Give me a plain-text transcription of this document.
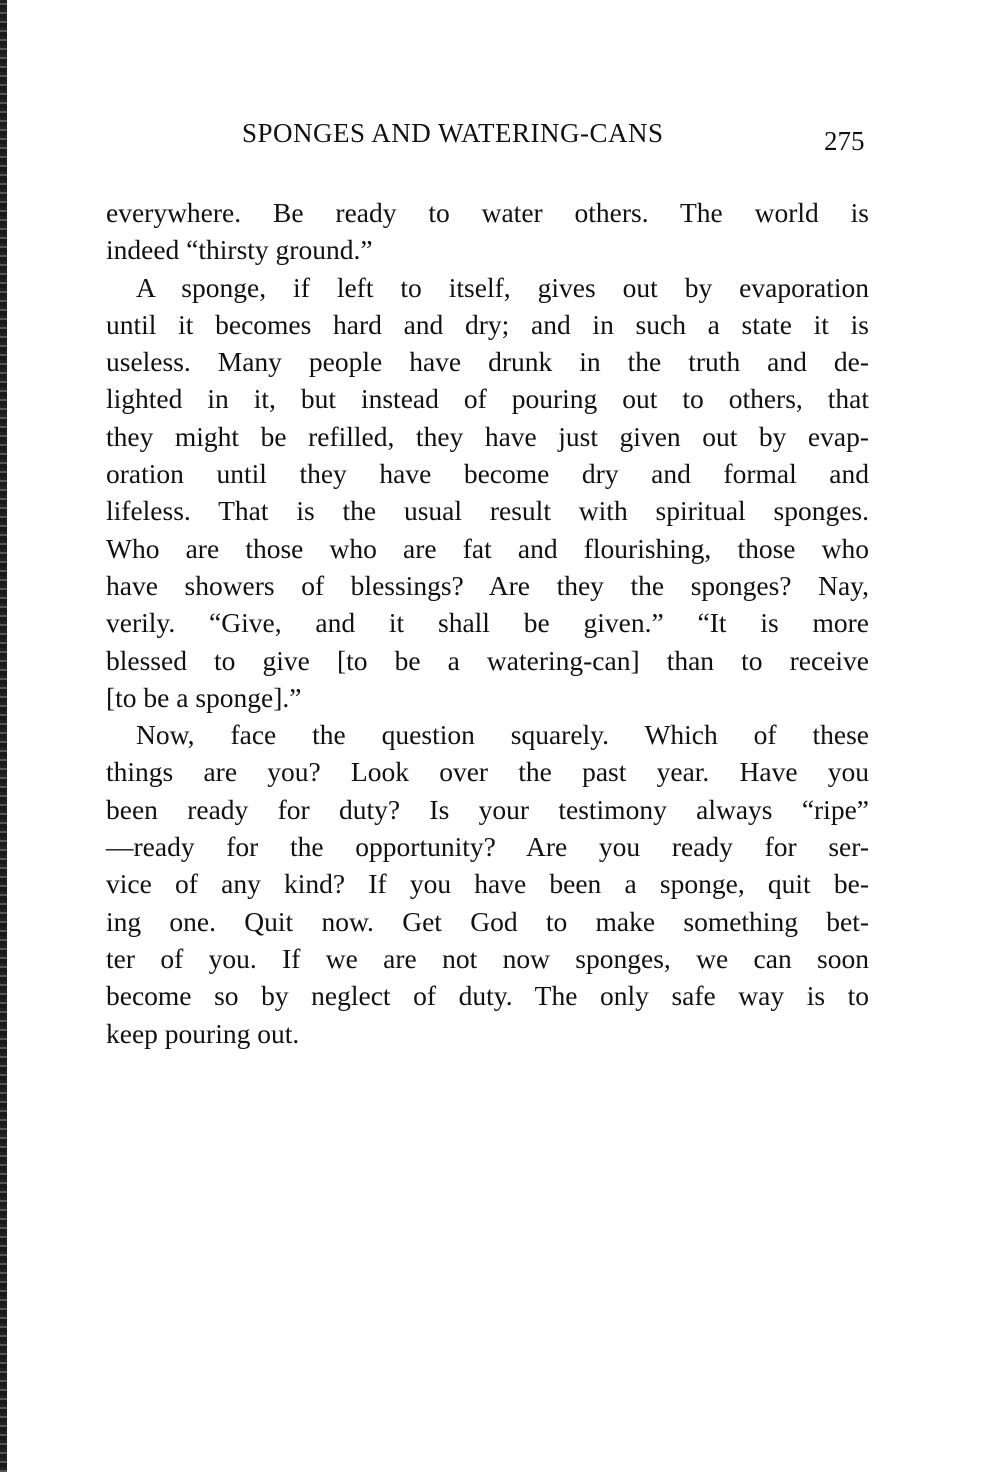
SPONGES AND WATERING-CANS	275
everywhere. Be ready to water others. The world is
indeed “thirsty ground.”
A sponge, if left to itself, gives out by evaporation
until it becomes hard and dry; and in such a state it is
useless. Many people have drunk in the truth and de-
lighted in it, but instead of pouring out to others, that
they might be refilled, they have just given out by evap-
oration until they have become dry and formal and
lifeless. That is the usual result with spiritual sponges.
Who are those who are fat and flourishing, those who
have showers of blessings? Are they the sponges? Nay,
verily. “Give, and it shall be given.” “It is more
blessed to give [to be a watering-can] than to receive
[to be a sponge].”
Now, face the question squarely. Which of these
things are you? Look over the past year. Have you
been ready for duty? Is your testimony always “ripe”
—ready for the opportunity? Are you ready for ser-
vice of any kind? If you have been a sponge, quit be-
ing one. Quit now. Get God to make something bet-
ter of you. If we are not now sponges, we can soon
become so by neglect of duty. The only safe way is to
keep pouring out.
